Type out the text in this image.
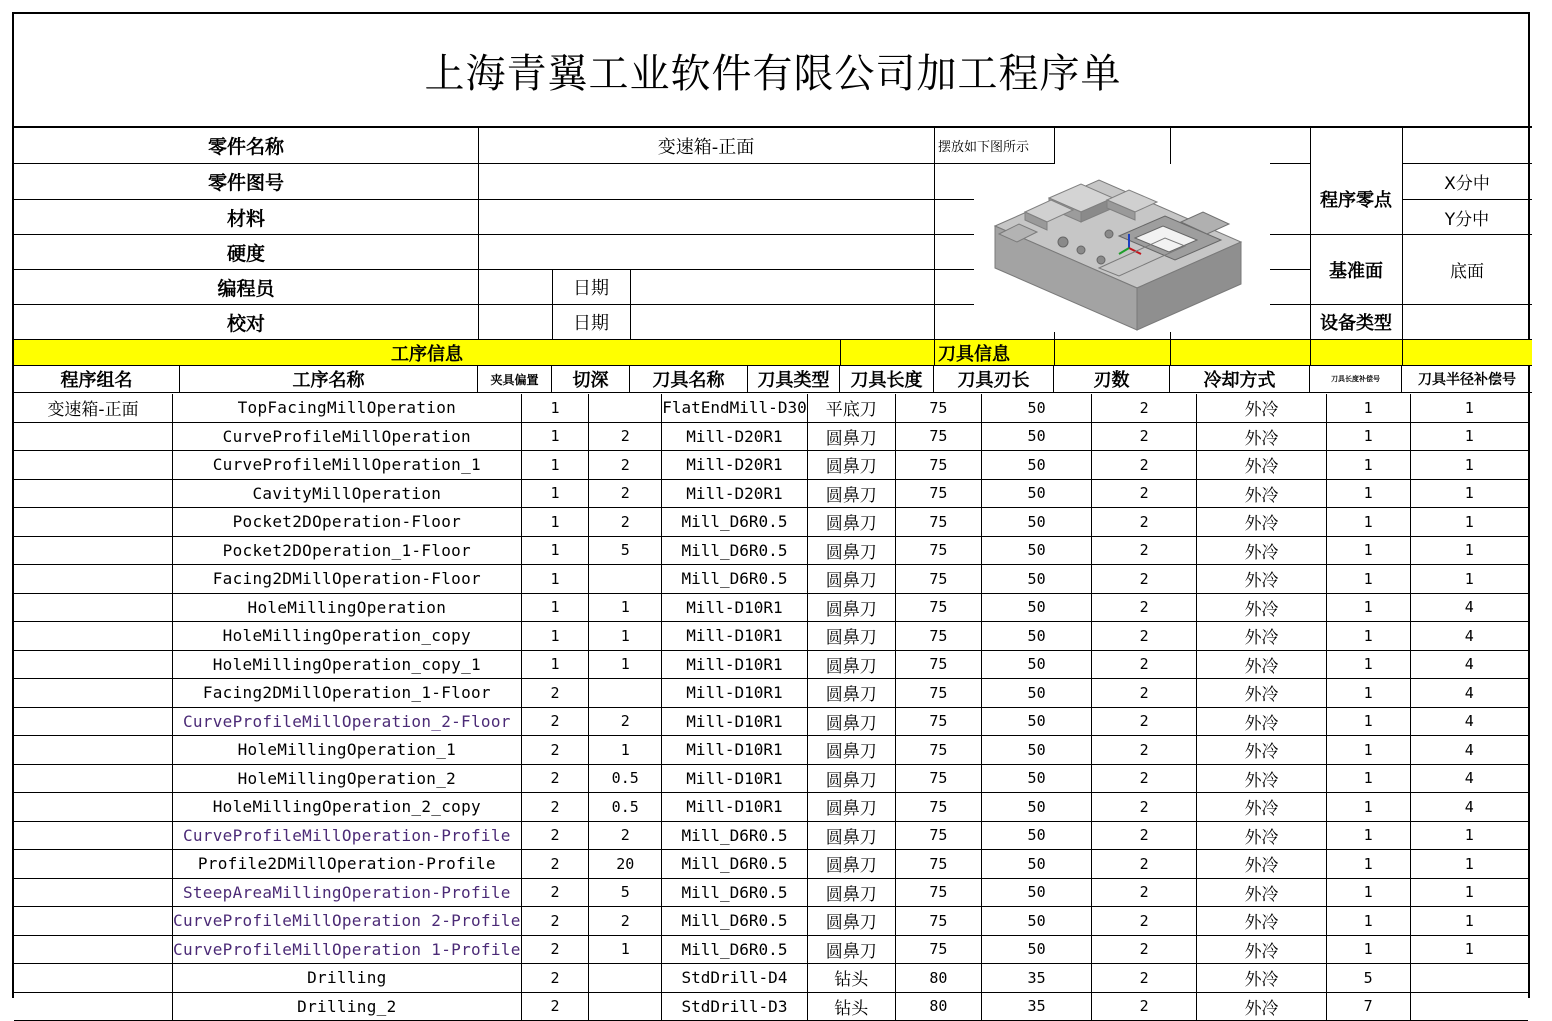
上海青翼工业软件有限公司加工程序单
零件名称	变速箱-正面	摆放如下图所示
零件图号
材料
硬度
编程员	日期
校对	日期
程序零点
X分中
Y分中
基准面	底面
设备类型
工序信息	刀具信息
程序组名	工序名称	夹具偏置	切深	刀具名称	刀具类型	刀具长度	刀具刃长	刃数	冷却方式	刀具长度补偿号	刀具半径补偿号
变速箱-正面	TopFacingMillOperation	1		FlatEndMill-D30	平底刀	75	50	2	外冷	1	1
	CurveProfileMillOperation	1	2	Mill-D20R1	圆鼻刀	75	50	2	外冷	1	1
	CurveProfileMillOperation_1	1	2	Mill-D20R1	圆鼻刀	75	50	2	外冷	1	1
	CavityMillOperation	1	2	Mill-D20R1	圆鼻刀	75	50	2	外冷	1	1
	Pocket2DOperation-Floor	1	2	Mill_D6R0.5	圆鼻刀	75	50	2	外冷	1	1
	Pocket2DOperation_1-Floor	1	5	Mill_D6R0.5	圆鼻刀	75	50	2	外冷	1	1
	Facing2DMillOperation-Floor	1		Mill_D6R0.5	圆鼻刀	75	50	2	外冷	1	1
	HoleMillingOperation	1	1	Mill-D10R1	圆鼻刀	75	50	2	外冷	1	4
	HoleMillingOperation_copy	1	1	Mill-D10R1	圆鼻刀	75	50	2	外冷	1	4
	HoleMillingOperation_copy_1	1	1	Mill-D10R1	圆鼻刀	75	50	2	外冷	1	4
	Facing2DMillOperation_1-Floor	2		Mill-D10R1	圆鼻刀	75	50	2	外冷	1	4
	CurveProfileMillOperation_2-Floor	2	2	Mill-D10R1	圆鼻刀	75	50	2	外冷	1	4
	HoleMillingOperation_1	2	1	Mill-D10R1	圆鼻刀	75	50	2	外冷	1	4
	HoleMillingOperation_2	2	0.5	Mill-D10R1	圆鼻刀	75	50	2	外冷	1	4
	HoleMillingOperation_2_copy	2	0.5	Mill-D10R1	圆鼻刀	75	50	2	外冷	1	4
	CurveProfileMillOperation-Profile	2	2	Mill_D6R0.5	圆鼻刀	75	50	2	外冷	1	1
	Profile2DMillOperation-Profile	2	20	Mill_D6R0.5	圆鼻刀	75	50	2	外冷	1	1
	SteepAreaMillingOperation-Profile	2	5	Mill_D6R0.5	圆鼻刀	75	50	2	外冷	1	1
	CurveProfileMillOperation 2-Profile	2	2	Mill_D6R0.5	圆鼻刀	75	50	2	外冷	1	1
	CurveProfileMillOperation 1-Profile	2	1	Mill_D6R0.5	圆鼻刀	75	50	2	外冷	1	1
	Drilling	2		StdDrill-D4	钻头	80	35	2	外冷	5	
	Drilling_2	2		StdDrill-D3	钻头	80	35	2	外冷	7	
